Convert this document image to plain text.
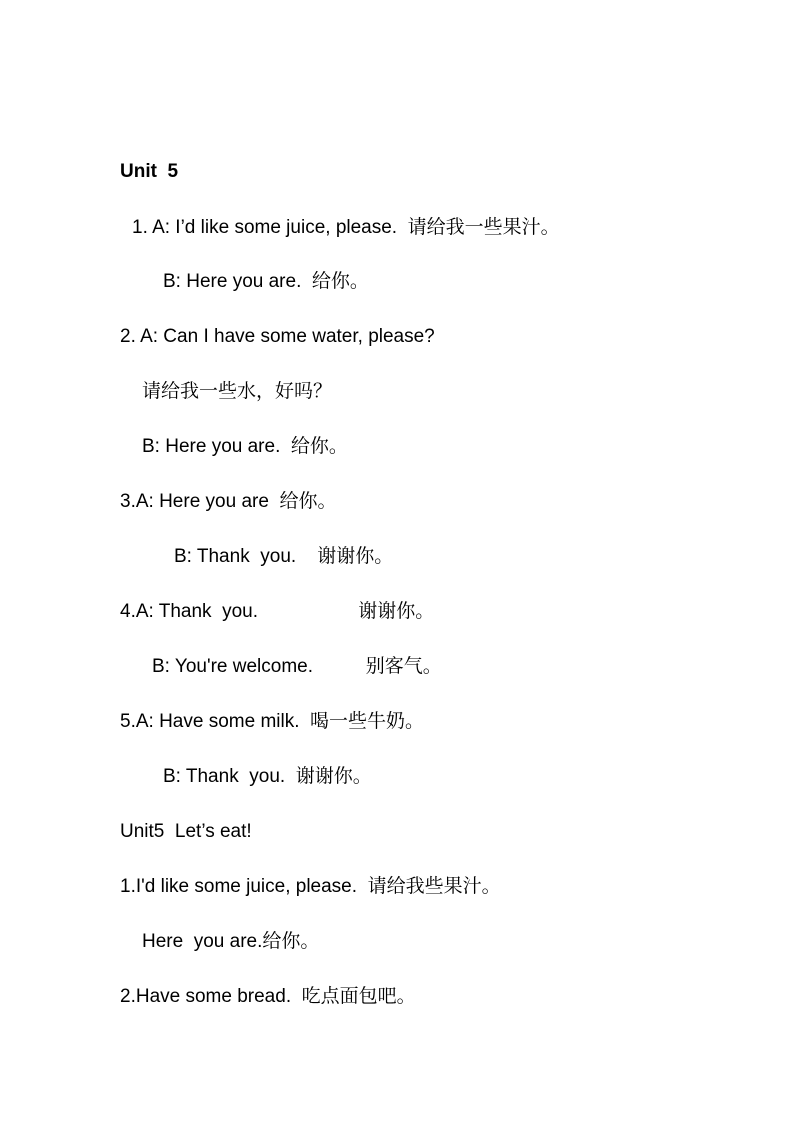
Unit  5
1. A: I’d like some juice, please.  请给我一些果汁。
B: Here you are.  给你。
2. A: Can I have some water, please?
请给我一些水，好吗？
B: Here you are.  给你。
3.A: Here you are  给你。
B: Thank  you.    谢谢你。
4.A: Thank  you.                   谢谢你。
B: You're welcome.          别客气。
5.A: Have some milk.  喝一些牛奶。
B: Thank  you.  谢谢你。
Unit5  Let’s eat!
1.I'd like some juice, please.  请给我些果汁。
Here  you are.给你。
2.Have some bread.  吃点面包吧。
